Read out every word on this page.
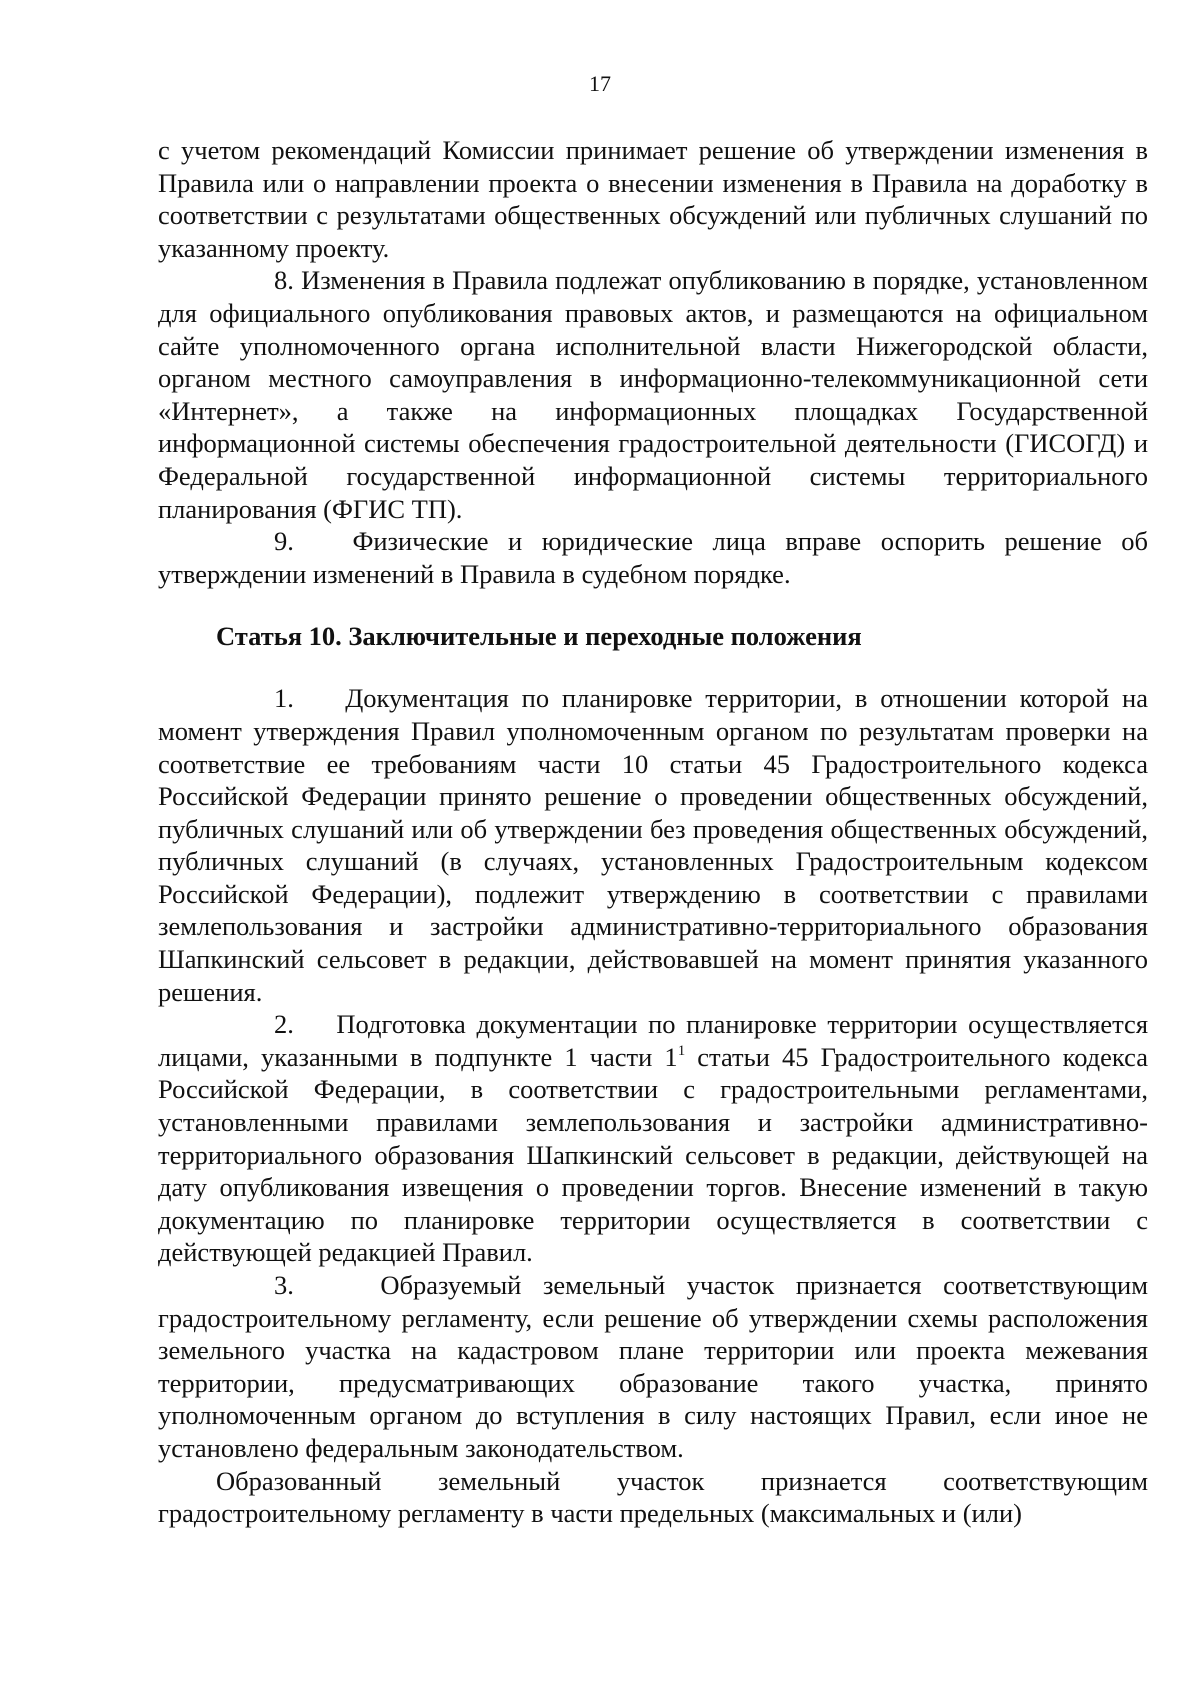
17

с учетом рекомендаций Комиссии принимает решение об утверждении изменения в Правила или о направлении проекта о внесении изменения в Правила на доработку в соответствии с результатами общественных обсуждений или публичных слушаний по указанному проекту.

8. Изменения в Правила подлежат опубликованию в порядке, установленном для официального опубликования правовых актов, и размещаются на официальном сайте уполномоченного органа исполнительной власти Нижегородской области, органом местного самоуправления в информационно-телекоммуникационной сети «Интернет», а также на информационных площадках Государственной информационной системы обеспечения градостроительной деятельности (ГИСОГД) и Федеральной государственной информационной системы территориального планирования (ФГИС ТП).

9. Физические и юридические лица вправе оспорить решение об утверждении изменений в Правила в судебном порядке.

Статья 10. Заключительные и переходные положения

1. Документация по планировке территории, в отношении которой на момент утверждения Правил уполномоченным органом по результатам проверки на соответствие ее требованиям части 10 статьи 45 Градостроительного кодекса Российской Федерации принято решение о проведении общественных обсуждений, публичных слушаний или об утверждении без проведения общественных обсуждений, публичных слушаний (в случаях, установленных Градостроительным кодексом Российской Федерации), подлежит утверждению в соответствии с правилами землепользования и застройки административно-территориального образования Шапкинский сельсовет в редакции, действовавшей на момент принятия указанного решения.

2. Подготовка документации по планировке территории осуществляется лицами, указанными в подпункте 1 части $1^1$ статьи 45 Градостроительного кодекса Российской Федерации, в соответствии с градостроительными регламентами, установленными правилами землепользования и застройки административно-территориального образования Шапкинский сельсовет в редакции, действующей на дату опубликования извещения о проведении торгов. Внесение изменений в такую документацию по планировке территории осуществляется в соответствии с действующей редакцией Правил.

3.	Образуемый земельный участок признается соответствующим градостроительному регламенту, если решение об утверждении схемы расположения земельного участка на кадастровом плане территории или проекта межевания территории, предусматривающих образование такого участка, принято уполномоченным органом до вступления в силу настоящих Правил, если иное не установлено федеральным законодательством.

Образованный земельный участок признается соответствующим градостроительному регламенту в части предельных (максимальных и (или)
